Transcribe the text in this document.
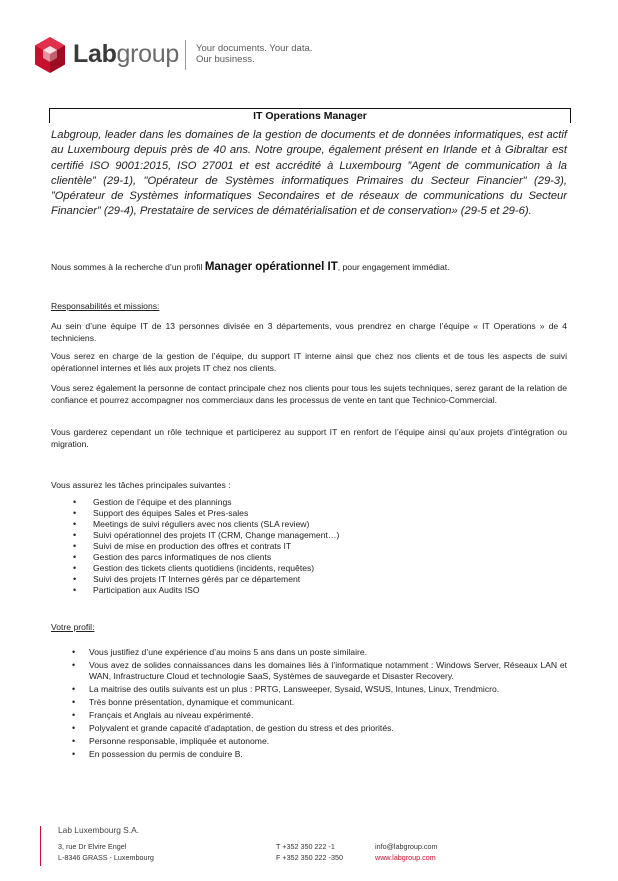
Labgroup Your documents. Your data.
Our business.
IT Operations Manager

Labgroup, leader dans les domaines de la gestion de documents et de données informatiques, est actif au Luxembourg depuis près de 40 ans. Notre groupe, également présent en Irlande et à Gibraltar est certifié ISO 9001:2015, ISO 27001 et est accrédité à Luxembourg ”Agent de communication à la clientèle” (29-1), "Opérateur de Systèmes informatiques Primaires du Secteur Financier" (29-3), ”Opérateur de Systèmes informatiques Secondaires et de réseaux de communications du Secteur Financier” (29-4), Prestataire de services de dématérialisation et de conservation» (29-5 et 29-6).

Nous sommes à la recherche d’un profil Manager opérationnel IT, pour engagement immédiat.

Responsabilités et missions:

Au sein d’une équipe IT de 13 personnes divisée en 3 départements, vous prendrez en charge l’équipe « IT Operations » de 4 techniciens.

Vous serez en charge de la gestion de l’équipe, du support IT interne ainsi que chez nos clients et de tous les aspects de suivi opérationnel internes et liés aux projets IT chez nos clients.

Vous serez également la personne de contact principale chez nos clients pour tous les sujets techniques, serez garant de la relation de confiance et pourrez accompagner nos commerciaux dans les processus de vente en tant que Technico-Commercial.

Vous garderez cependant un rôle technique et participerez au support IT en renfort de l’équipe ainsi qu’aux projets d’intégration ou migration.

Vous assurez les tâches principales suivantes :

• Gestion de l’équipe et des plannings
• Support des équipes Sales et Pres-sales
• Meetings de suivi réguliers avec nos clients (SLA review)
• Suivi opérationnel des projets IT (CRM, Change management…)
• Suivi de mise en production des offres et contrats IT
• Gestion des parcs informatiques de nos clients
• Gestion des tickets clients quotidiens (incidents, requêtes)
• Suivi des projets IT Internes gérés par ce département
• Participation aux Audits ISO

Votre profil:

• Vous justifiez d’une expérience d’au moins 5 ans dans un poste similaire.
• Vous avez de solides connaissances dans les domaines liés à l’informatique notamment : Windows Server, Réseaux LAN et WAN, Infrastructure Cloud et technologie SaaS, Systèmes de sauvegarde et Disaster Recovery.
• La maitrise des outils suivants est un plus : PRTG, Lansweeper, Sysaid, WSUS, Intunes, Linux, Trendmicro.
• Très bonne présentation, dynamique et communicant.
• Français et Anglais au niveau expérimenté.
• Polyvalent et grande capacité d’adaptation, de gestion du stress et des priorités.
• Personne responsable, impliquée et autonome.
• En possession du permis de conduire B.
Lab Luxembourg S.A.
3, rue Dr Elvire Engel
L-8346 GRASS - Luxembourg
T +352 350 222 -1
F +352 350 222 -350
info@labgroup.com
www.labgroup.com
